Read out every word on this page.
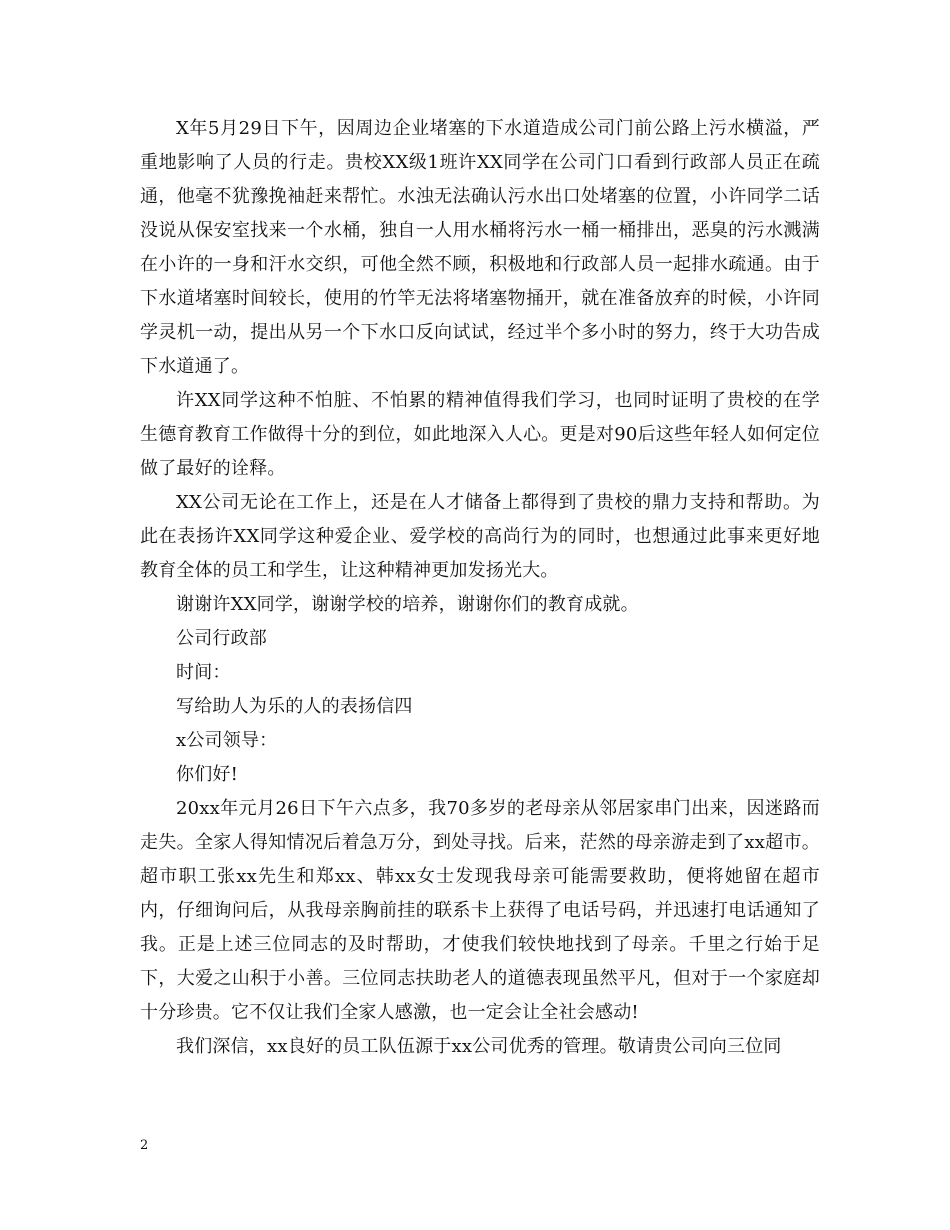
X年5月29日下午，因周边企业堵塞的下水道造成公司门前公路上污水横溢，严重地影响了人员的行走。贵校XX级1班许XX同学在公司门口看到行政部人员正在疏通，他毫不犹豫挽袖赶来帮忙。水浊无法确认污水出口处堵塞的位置，小许同学二话没说从保安室找来一个水桶，独自一人用水桶将污水一桶一桶排出，恶臭的污水溅满在小许的一身和汗水交织，可他全然不顾，积极地和行政部人员一起排水疏通。由于下水道堵塞时间较长，使用的竹竿无法将堵塞物捅开，就在准备放弃的时候，小许同学灵机一动，提出从另一个下水口反向试试，经过半个多小时的努力，终于大功告成下水道通了。

许XX同学这种不怕脏、不怕累的精神值得我们学习，也同时证明了贵校的在学生德育教育工作做得十分的到位，如此地深入人心。更是对90后这些年轻人如何定位做了最好的诠释。

XX公司无论在工作上，还是在人才储备上都得到了贵校的鼎力支持和帮助。为此在表扬许XX同学这种爱企业、爱学校的高尚行为的同时，也想通过此事来更好地教育全体的员工和学生，让这种精神更加发扬光大。

谢谢许XX同学，谢谢学校的培养，谢谢你们的教育成就。

公司行政部

时间：

写给助人为乐的人的表扬信四

x公司领导：

你们好!

20xx年元月26日下午六点多，我70多岁的老母亲从邻居家串门出来，因迷路而走失。全家人得知情况后着急万分，到处寻找。后来，茫然的母亲游走到了xx超市。超市职工张xx先生和郑xx、韩xx女士发现我母亲可能需要救助，便将她留在超市内，仔细询问后，从我母亲胸前挂的联系卡上获得了电话号码，并迅速打电话通知了我。正是上述三位同志的及时帮助，才使我们较快地找到了母亲。千里之行始于足下，大爱之山积于小善。三位同志扶助老人的道德表现虽然平凡，但对于一个家庭却十分珍贵。它不仅让我们全家人感激，也一定会让全社会感动!

我们深信，xx良好的员工队伍源于xx公司优秀的管理。敬请贵公司向三位同

2
